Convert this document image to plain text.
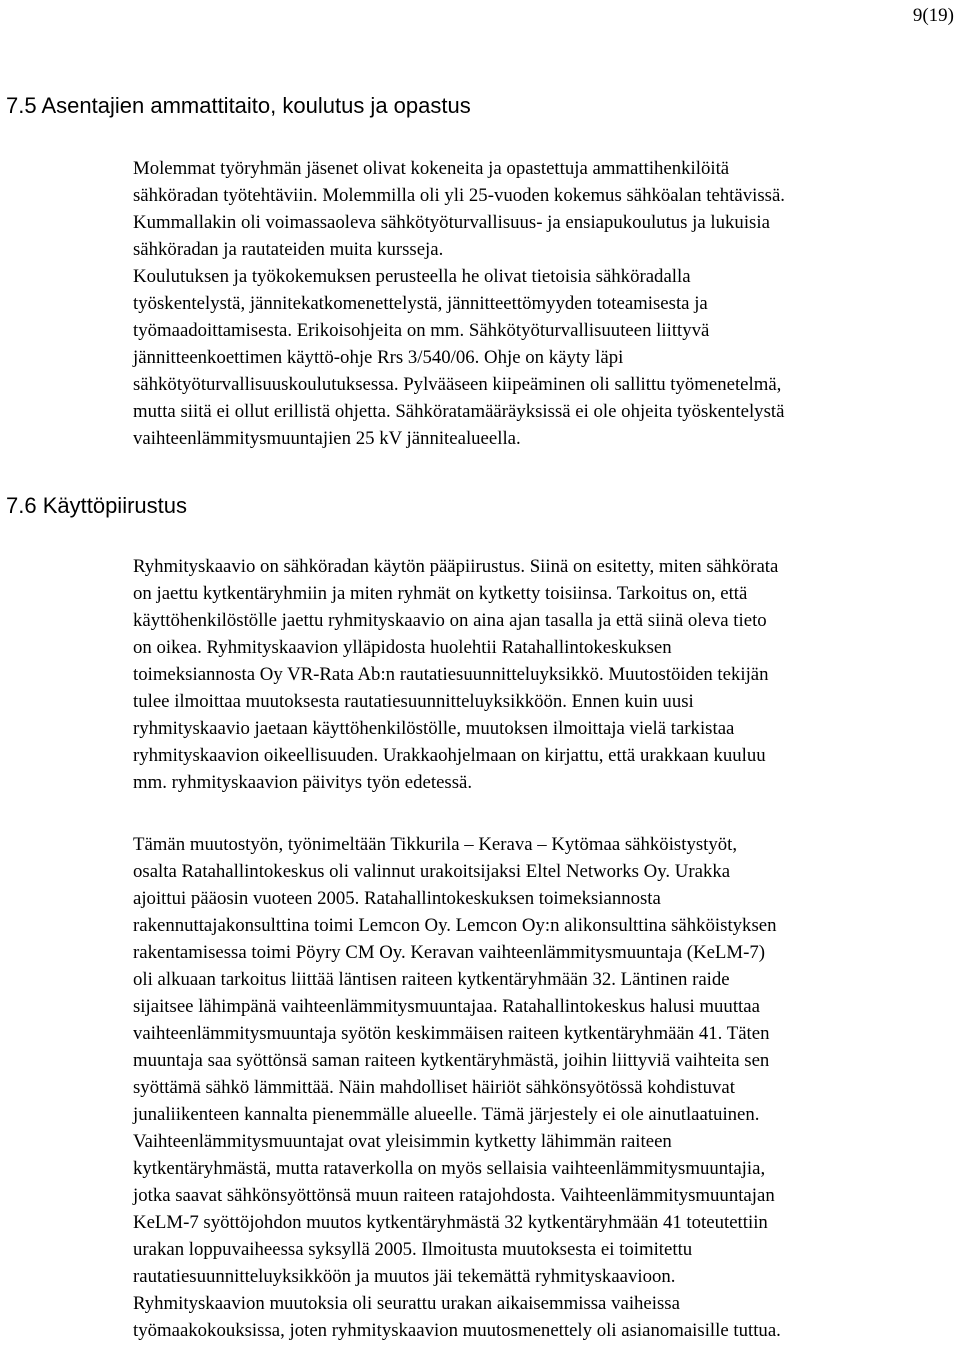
9(19)
7.5 Asentajien ammattitaito, koulutus ja opastus

Molemmat työryhmän jäsenet olivat kokeneita ja opastettuja ammattihenkilöitä
sähköradan työtehtäviin. Molemmilla oli yli 25-vuoden kokemus sähköalan tehtävissä.
Kummallakin oli voimassaoleva sähkötyöturvallisuus- ja ensiapukoulutus ja lukuisia
sähköradan ja rautateiden muita kursseja.
Koulutuksen ja työkokemuksen perusteella he olivat tietoisia sähköradalla
työskentelystä, jännitekatkomenettelystä, jännitteettömyyden toteamisesta ja
työmaadoittamisesta. Erikoisohjeita on mm. Sähkötyöturvallisuuteen liittyvä
jännitteenkoettimen käyttö-ohje Rrs 3/540/06. Ohje on käyty läpi
sähkötyöturvallisuuskoulutuksessa. Pylvääseen kiipeäminen oli sallittu työmenetelmä,
mutta siitä ei ollut erillistä ohjetta. Sähköratamääräyksissä ei ole ohjeita työskentelystä
vaihteenlämmitysmuuntajien 25 kV jännitealueella.

7.6 Käyttöpiirustus

Ryhmityskaavio on sähköradan käytön pääpiirustus. Siinä on esitetty, miten sähkörata
on jaettu kytkentäryhmiin ja miten ryhmät on kytketty toisiinsa. Tarkoitus on, että
käyttöhenkilöstölle jaettu ryhmityskaavio on aina ajan tasalla ja että siinä oleva tieto
on oikea. Ryhmityskaavion ylläpidosta huolehtii Ratahallintokeskuksen
toimeksiannosta Oy VR-Rata Ab:n rautatiesuunnitteluyksikkö. Muutostöiden tekijän
tulee ilmoittaa muutoksesta rautatiesuunnitteluyksikköön. Ennen kuin uusi
ryhmityskaavio jaetaan käyttöhenkilöstölle, muutoksen ilmoittaja vielä tarkistaa
ryhmityskaavion oikeellisuuden. Urakkaohjelmaan on kirjattu, että urakkaan kuuluu
mm. ryhmityskaavion päivitys työn edetessä.

Tämän muutostyön, työnimeltään Tikkurila – Kerava – Kytömaa sähköistystyöt,
osalta Ratahallintokeskus oli valinnut urakoitsijaksi Eltel Networks Oy. Urakka
ajoittui pääosin vuoteen 2005. Ratahallintokeskuksen toimeksiannosta
rakennuttajakonsulttina toimi Lemcon Oy. Lemcon Oy:n alikonsulttina sähköistyksen
rakentamisessa toimi Pöyry CM Oy. Keravan vaihteenlämmitysmuuntaja (KeLM-7)
oli alkuaan tarkoitus liittää läntisen raiteen kytkentäryhmään 32. Läntinen raide
sijaitsee lähimpänä vaihteenlämmitysmuuntajaa. Ratahallintokeskus halusi muuttaa
vaihteenlämmitysmuuntaja syötön keskimmäisen raiteen kytkentäryhmään 41. Täten
muuntaja saa syöttönsä saman raiteen kytkentäryhmästä, joihin liittyviä vaihteita sen
syöttämä sähkö lämmittää. Näin mahdolliset häiriöt sähkönsyötössä kohdistuvat
junaliikenteen kannalta pienemmälle alueelle. Tämä järjestely ei ole ainutlaatuinen.
Vaihteenlämmitysmuuntajat ovat yleisimmin kytketty lähimmän raiteen
kytkentäryhmästä, mutta rataverkolla on myös sellaisia vaihteenlämmitysmuuntajia,
jotka saavat sähkönsyöttönsä muun raiteen ratajohdosta. Vaihteenlämmitysmuuntajan
KeLM-7 syöttöjohdon muutos kytkentäryhmästä 32 kytkentäryhmään 41 toteutettiin
urakan loppuvaiheessa syksyllä 2005. Ilmoitusta muutoksesta ei toimitettu
rautatiesuunnitteluyksikköön ja muutos jäi tekemättä ryhmityskaavioon.
Ryhmityskaavion muutoksia oli seurattu urakan aikaisemmissa vaiheissa
työmaakokouksissa, joten ryhmityskaavion muutosmenettely oli asianomaisille tuttua.
